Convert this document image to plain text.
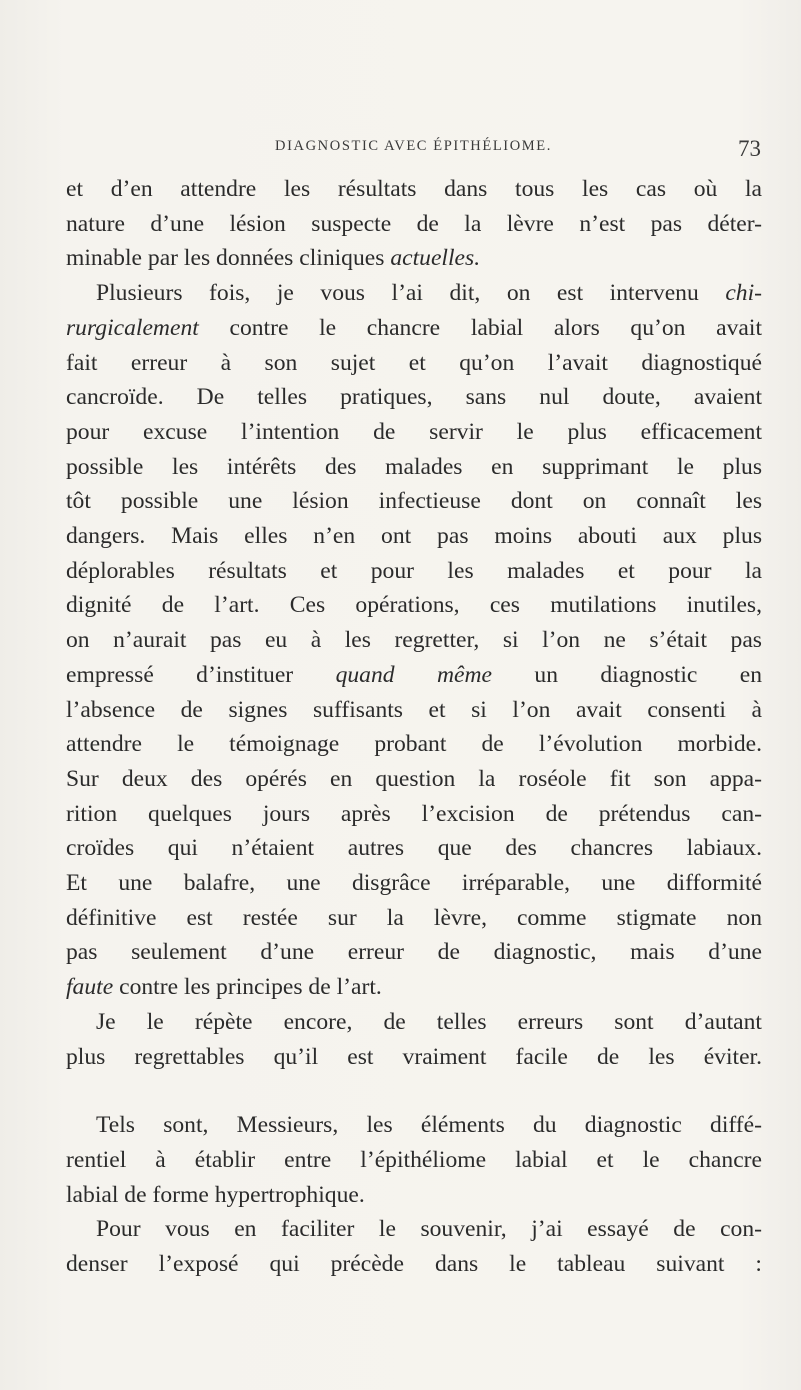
DIAGNOSTIC AVEC ÉPITHÉLIOME.	73
et d’en attendre les résultats dans tous les cas où la
nature d’une lésion suspecte de la lèvre n’est pas déter-
minable par les données cliniques actuelles.
Plusieurs fois, je vous l’ai dit, on est intervenu chi-
rurgicalement contre le chancre labial alors qu’on avait
fait erreur à son sujet et qu’on l’avait diagnostiqué
cancroïde. De telles pratiques, sans nul doute, avaient
pour excuse l’intention de servir le plus efficacement
possible les intérêts des malades en supprimant le plus
tôt possible une lésion infectieuse dont on connaît les
dangers. Mais elles n’en ont pas moins abouti aux plus
déplorables résultats et pour les malades et pour la
dignité de l’art. Ces opérations, ces mutilations inutiles,
on n’aurait pas eu à les regretter, si l’on ne s’était pas
empressé d’instituer quand même un diagnostic en
l’absence de signes suffisants et si l’on avait consenti à
attendre le témoignage probant de l’évolution morbide.
Sur deux des opérés en question la roséole fit son appa-
rition quelques jours après l’excision de prétendus can-
croïdes qui n’étaient autres que des chancres labiaux.
Et une balafre, une disgrâce irréparable, une difformité
définitive est restée sur la lèvre, comme stigmate non
pas seulement d’une erreur de diagnostic, mais d’une
faute contre les principes de l’art.
Je le répète encore, de telles erreurs sont d’autant
plus regrettables qu’il est vraiment facile de les éviter.
Tels sont, Messieurs, les éléments du diagnostic diffé-
rentiel à établir entre l’épithéliome labial et le chancre
labial de forme hypertrophique.
Pour vous en faciliter le souvenir, j’ai essayé de con-
denser l’exposé qui précède dans le tableau suivant :
